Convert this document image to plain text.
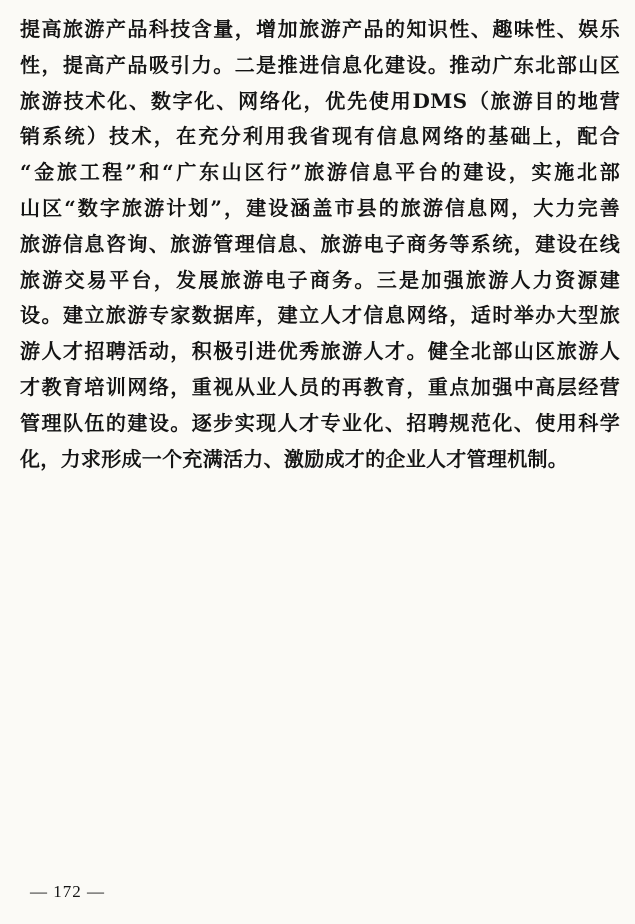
提高旅游产品科技含量，增加旅游产品的知识性、趣味性、娱乐
性，提高产品吸引力。二是推进信息化建设。推动广东北部山区
旅游技术化、数字化、网络化，优先使用DMS（旅游目的地营
销系统）技术，在充分利用我省现有信息网络的基础上，配合
“金旅工程”和“广东山区行”旅游信息平台的建设，实施北部
山区“数字旅游计划”，建设涵盖市县的旅游信息网，大力完善
旅游信息咨询、旅游管理信息、旅游电子商务等系统，建设在线
旅游交易平台，发展旅游电子商务。三是加强旅游人力资源建
设。建立旅游专家数据库，建立人才信息网络，适时举办大型旅
游人才招聘活动，积极引进优秀旅游人才。健全北部山区旅游人
才教育培训网络，重视从业人员的再教育，重点加强中高层经营
管理队伍的建设。逐步实现人才专业化、招聘规范化、使用科学
化，力求形成一个充满活力、激励成才的企业人才管理机制。
— 172 —
